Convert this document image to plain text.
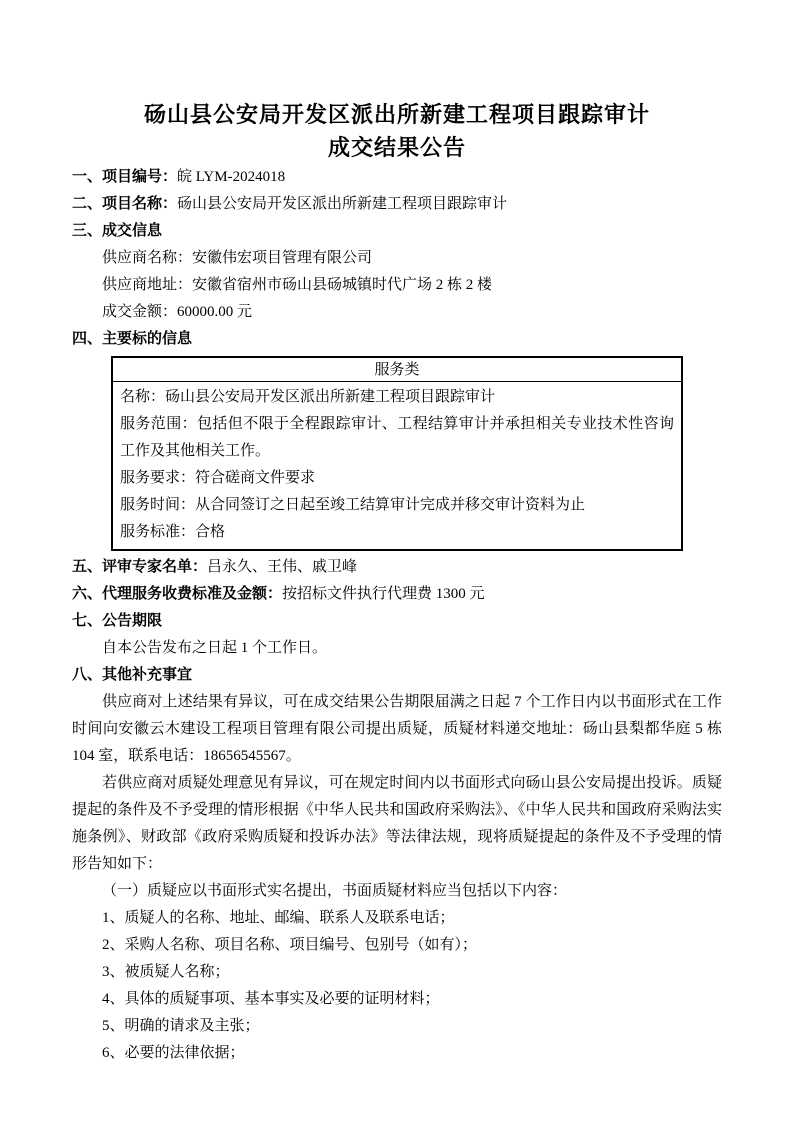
砀山县公安局开发区派出所新建工程项目跟踪审计
成交结果公告
一、项目编号：皖 LYM-2024018
二、项目名称：砀山县公安局开发区派出所新建工程项目跟踪审计
三、成交信息
供应商名称：安徽伟宏项目管理有限公司
供应商地址：安徽省宿州市砀山县砀城镇时代广场 2 栋 2 楼
成交金额：60000.00 元
四、主要标的信息
服务类
名称：砀山县公安局开发区派出所新建工程项目跟踪审计
服务范围：包括但不限于全程跟踪审计、工程结算审计并承担相关专业技术性咨询工作及其他相关工作。
服务要求：符合磋商文件要求
服务时间：从合同签订之日起至竣工结算审计完成并移交审计资料为止
服务标准：合格
五、评审专家名单：吕永久、王伟、戚卫峰
六、代理服务收费标准及金额：按招标文件执行代理费 1300 元
七、公告期限
自本公告发布之日起 1 个工作日。
八、其他补充事宜
供应商对上述结果有异议，可在成交结果公告期限届满之日起 7 个工作日内以书面形式在工作时间向安徽云木建设工程项目管理有限公司提出质疑，质疑材料递交地址：砀山县梨都华庭 5 栋 104 室，联系电话：18656545567。
若供应商对质疑处理意见有异议，可在规定时间内以书面形式向砀山县公安局提出投诉。质疑提起的条件及不予受理的情形根据《中华人民共和国政府采购法》、《中华人民共和国政府采购法实施条例》、财政部《政府采购质疑和投诉办法》等法律法规，现将质疑提起的条件及不予受理的情形告知如下：
（一）质疑应以书面形式实名提出，书面质疑材料应当包括以下内容：
1、质疑人的名称、地址、邮编、联系人及联系电话；
2、采购人名称、项目名称、项目编号、包别号（如有）；
3、被质疑人名称；
4、具体的质疑事项、基本事实及必要的证明材料；
5、明确的请求及主张；
6、必要的法律依据；
